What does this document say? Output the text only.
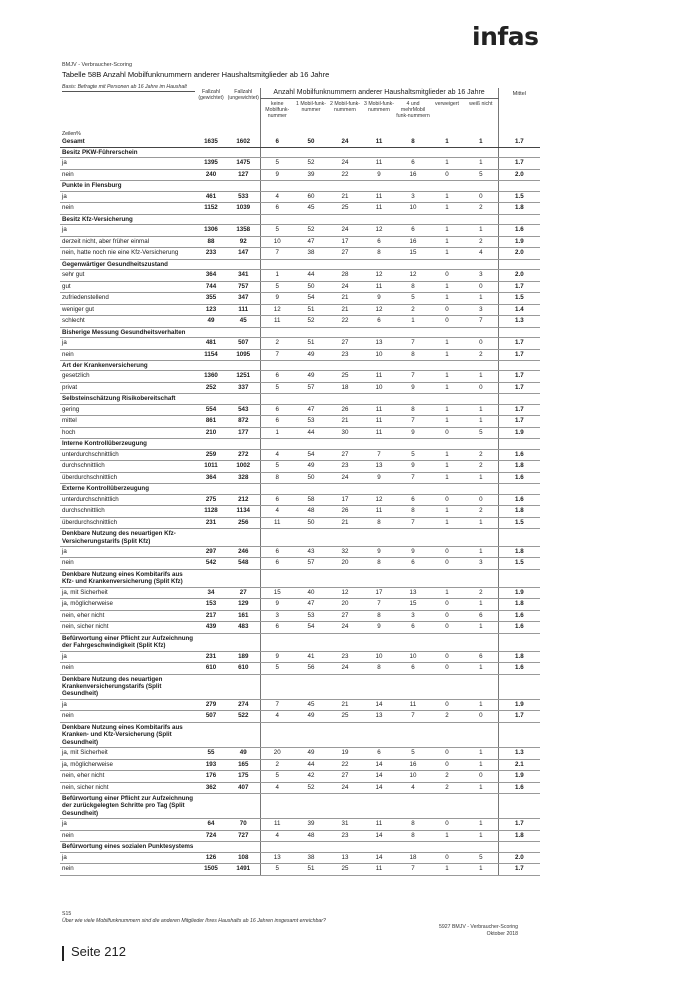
infas
BMJV - Verbraucher-Scoring
Tabelle 58B Anzahl Mobilfunknummern anderer Haushaltsmitglieder ab 16 Jahre
Basis: Befragte mit Personen ab 16 Jahre im Haushalt
	Fallzahl (gewichtet)	Fallzahl (ungewichtet)	Anzahl Mobilfunknummern anderer Haushaltsmitglieder ab 16 Jahre							Mittel
Zeilen%			keine Mobilfunk-nummer	1 Mobil-funk-nummer	2 Mobil-funk-nummern	3 Mobil-funk-nummern	4 und mehrMobil funk-nummern	verweigert	weiß nicht	
Gesamt	1635	1602	6	50	24	11	8	1	1	1.7
Besitz PKW-Führerschein										
ja	1395	1475	5	52	24	11	6	1	1	1.7
nein	240	127	9	39	22	9	16	0	5	2.0
Punkte in Flensburg										
ja	461	533	4	60	21	11	3	1	0	1.5
nein	1152	1039	6	45	25	11	10	1	2	1.8
Besitz Kfz-Versicherung										
ja	1306	1358	5	52	24	12	6	1	1	1.6
derzeit nicht, aber früher einmal	88	92	10	47	17	6	16	1	2	1.9
nein, hatte noch nie eine Kfz-Versicherung	233	147	7	38	27	8	15	1	4	2.0
Gegenwärtiger Gesundheitszustand										
sehr gut	364	341	1	44	28	12	12	0	3	2.0
gut	744	757	5	50	24	11	8	1	0	1.7
zufriedenstellend	355	347	9	54	21	9	5	1	1	1.5
weniger gut	123	111	12	51	21	12	2	0	3	1.4
schlecht	49	45	11	52	22	6	1	0	7	1.3
Bisherige Messung Gesundheitsverhalten										
ja	481	507	2	51	27	13	7	1	0	1.7
nein	1154	1095	7	49	23	10	8	1	2	1.7
Art der Krankenversicherung										
gesetzlich	1360	1251	6	49	25	11	7	1	1	1.7
privat	252	337	5	57	18	10	9	1	0	1.7
Selbsteinschätzung Risikobereitschaft										
gering	554	543	6	47	26	11	8	1	1	1.7
mittel	861	872	6	53	21	11	7	1	1	1.7
hoch	210	177	1	44	30	11	9	0	5	1.9
Interne Kontrollüberzeugung										
unterdurchschnittlich	259	272	4	54	27	7	5	1	2	1.6
durchschnittlich	1011	1002	5	49	23	13	9	1	2	1.8
überdurchschnittlich	364	328	8	50	24	9	7	1	1	1.6
Externe Kontrollüberzeugung										
unterdurchschnittlich	275	212	6	58	17	12	6	0	0	1.6
durchschnittlich	1128	1134	4	48	26	11	8	1	2	1.8
überdurchschnittlich	231	256	11	50	21	8	7	1	1	1.5
Denkbare Nutzung des neuartigen Kfz-Versicherungstarifs (Split Kfz)										
ja	297	246	6	43	32	9	9	0	1	1.8
nein	542	548	6	57	20	8	6	0	3	1.5
Denkbare Nutzung eines Kombitarifs aus Kfz- und Krankenversicherung (Split Kfz)										
ja, mit Sicherheit	34	27	15	40	12	17	13	1	2	1.9
ja, möglicherweise	153	129	9	47	20	7	15	0	1	1.8
nein, eher nicht	217	161	3	53	27	8	3	0	6	1.6
nein, sicher nicht	439	483	6	54	24	9	6	0	1	1.6
Befürwortung einer Pflicht zur Aufzeichnung der Fahrgeschwindigkeit (Split Kfz)										
ja	231	189	9	41	23	10	10	0	6	1.8
nein	610	610	5	56	24	8	6	0	1	1.6
Denkbare Nutzung des neuartigen Krankenversicherungstarifs (Split Gesundheit)										
ja	279	274	7	45	21	14	11	0	1	1.9
nein	507	522	4	49	25	13	7	2	0	1.7
Denkbare Nutzung eines Kombitarifs aus Kranken- und Kfz-Versicherung (Split Gesundheit)										
ja, mit Sicherheit	55	49	20	49	19	6	5	0	1	1.3
ja, möglicherweise	193	165	2	44	22	14	16	0	1	2.1
nein, eher nicht	176	175	5	42	27	14	10	2	0	1.9
nein, sicher nicht	362	407	4	52	24	14	4	2	1	1.6
Befürwortung einer Pflicht zur Aufzeichnung der zurückgelegten Schritte pro Tag (Split Gesundheit)										
ja	64	70	11	39	31	11	8	0	1	1.7
nein	724	727	4	48	23	14	8	1	1	1.8
Befürwortung eines sozialen Punktesystems										
ja	126	108	13	38	13	14	18	0	5	2.0
nein	1505	1491	5	51	25	11	7	1	1	1.7
S15
Über wie viele Mobilfunknummern sind die anderen Mitglieder Ihres Haushalts ab 16 Jahren insgesamt erreichbar?
5927 BMJV - Verbraucher-Scoring
Oktober 2018
Seite 212
